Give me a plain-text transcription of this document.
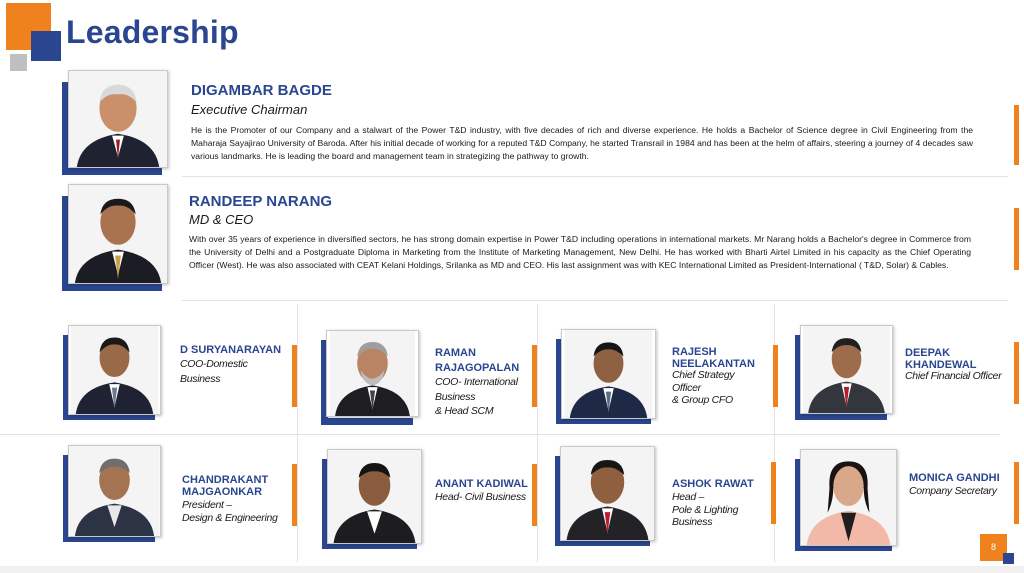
Leadership
DIGAMBAR BAGDE
Executive Chairman
He is the Promoter of our Company and a stalwart of the Power T&D industry, with five decades of rich and diverse experience. He holds a Bachelor of Science degree in Civil Engineering from the Maharaja Sayajirao University of Baroda. After his initial decade of working for a reputed T&D Company, he started Transrail in 1984 and has been at the helm of affairs, steering a journey of 4 decades saw various landmarks. He is leading the board and management team in strategizing the pathway to growth.
RANDEEP NARANG
MD & CEO
With over 35 years of experience in diversified sectors, he has strong domain expertise in Power T&D including operations in international markets. Mr Narang holds a Bachelor's degree in Commerce from the University of Delhi and a Postgraduate Diploma in Marketing from the Institute of Marketing Management, New Delhi. He has worked with Bharti Airtel Limited in his capacity as the Chief Operating Officer (West). He was also associated with CEAT Kelani Holdings, Srilanka as MD and CEO. His last assignment was with KEC International Limited as President-International ( T&D, Solar) & Cables.
D SURYANARAYAN
COO-Domestic
Business
RAMAN
RAJAGOPALAN
COO- International
Business
& Head SCM
RAJESH
NEELAKANTAN
Chief Strategy
Officer
& Group CFO
DEEPAK
KHANDEWAL
Chief Financial Officer
CHANDRAKANT
MAJGAONKAR
President –
Design & Engineering
ANANT KADIWAL
Head- Civil Business
ASHOK RAWAT
Head –
Pole & Lighting
Business
MONICA GANDHI
Company Secretary
8
